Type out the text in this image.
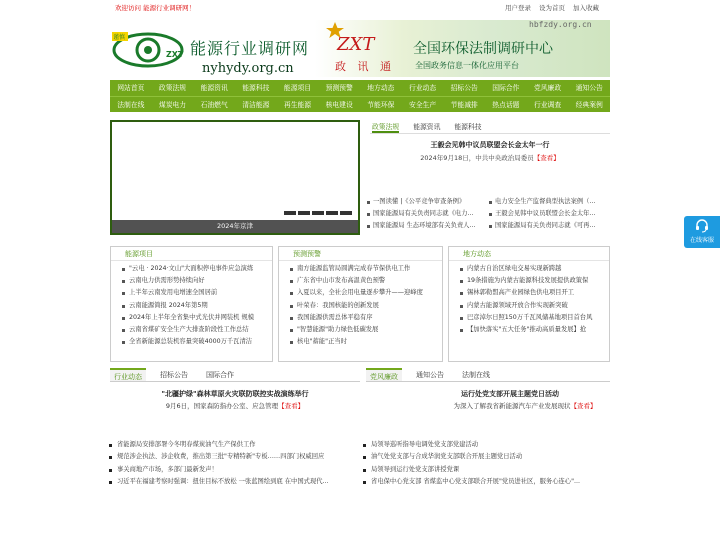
欢迎访问 能源行业调研网！	用户登录 设为首页 加入收藏
谨慎
ZXT 能源行业调研网
nyhydy.org.cn
hbfzdy.org.cn
ZXT
政 讯 通
全国环保法制调研中心
全国政务信息一体化应用平台
网站首页	政策法规	能源资讯	能源科技	能源项目	预测预警	地方动态	行业动态	招标公告	国际合作	党风廉政	通知公告
法制在线	煤炭电力	石油燃气	清洁能源	再生能源	核电建设	节能环保	安全生产	节能减排	热点话题	行业调查	经典案例
2024年京津
政策法规 能源资讯 能源科技
王毅会见韩中议员联盟会长金太年一行
2024年9月18日，中共中央政治局委员【查看】
一图读懂 |《公平竞争审查条例》	电力安全生产监督典型执法案例（...
国家能源局有关负责同志就《电力...	王毅会见韩中议员联盟会长金太年...
国家能源局 生态环境部有关负责人...	国家能源局有关负责同志就《可再...
能源项目
"云电 · 2024·文山"大面积停电事件应急演练
云南电力供需形势持续向好
上半年云南发用电增速全国居前
云南能源简报 2024年第5期
2024年上半年全省集中式光伏并网装机 规模
云南省煤矿安全生产大排查阶段性工作总结
全省新能源总装机容量突破4000万千瓦清洁
预测预警
南方能源监管局圆满完成春节保供电工作
广东省中山市发布高温黄色预警
入夏以来，全社会用电量逐步攀升——迎峰度
叶荣春：我国核能的创新发展
我国能源供需总体平稳有序
"智慧能源"助力绿色低碳发展
核电"蓄能"正当时
地方动态
内蒙古自治区绿电交易实现新跨越
19条措施为内蒙古能源科技发展提供政策保
锡林郭勒盟高产业园绿色供电项目开工
内蒙古能源领域开放合作实现新突破
巴彦淖尔日照150万千瓦风储基地项目首台风
【加快落实"五大任务"推动高质量发展】抢
行业动态	招标公告	国际合作
"北疆护绿"森林草原火灾联防联控实战演练举行
9月6日，国家森防指办公室、应急管理【查看】
省能源局安排部署今冬明春煤炭油气生产保供工作
规范涉企执法、涉企收费，推出第三批"专精特新"专板……四部门权威回应
事关商地产市场，多部门最新发声！
习近平在福建考察时强调：扭住目标不放松 一张蓝图绘到底 在中国式现代...
党风廉政	通知公告	法制在线
运行处党支部开展主题党日活动
为深入了解我省新能源汽车产业发展现状【查看】
局领导巡听指导电调处党支部党建活动
油气处党支部与合成华润党支部联合开展主题党日活动
局领导到运行处党支部讲授党课
省电保中心党支部 省煤监中心党支部联合开展"党员进社区，服务心连心"...
在线客服
